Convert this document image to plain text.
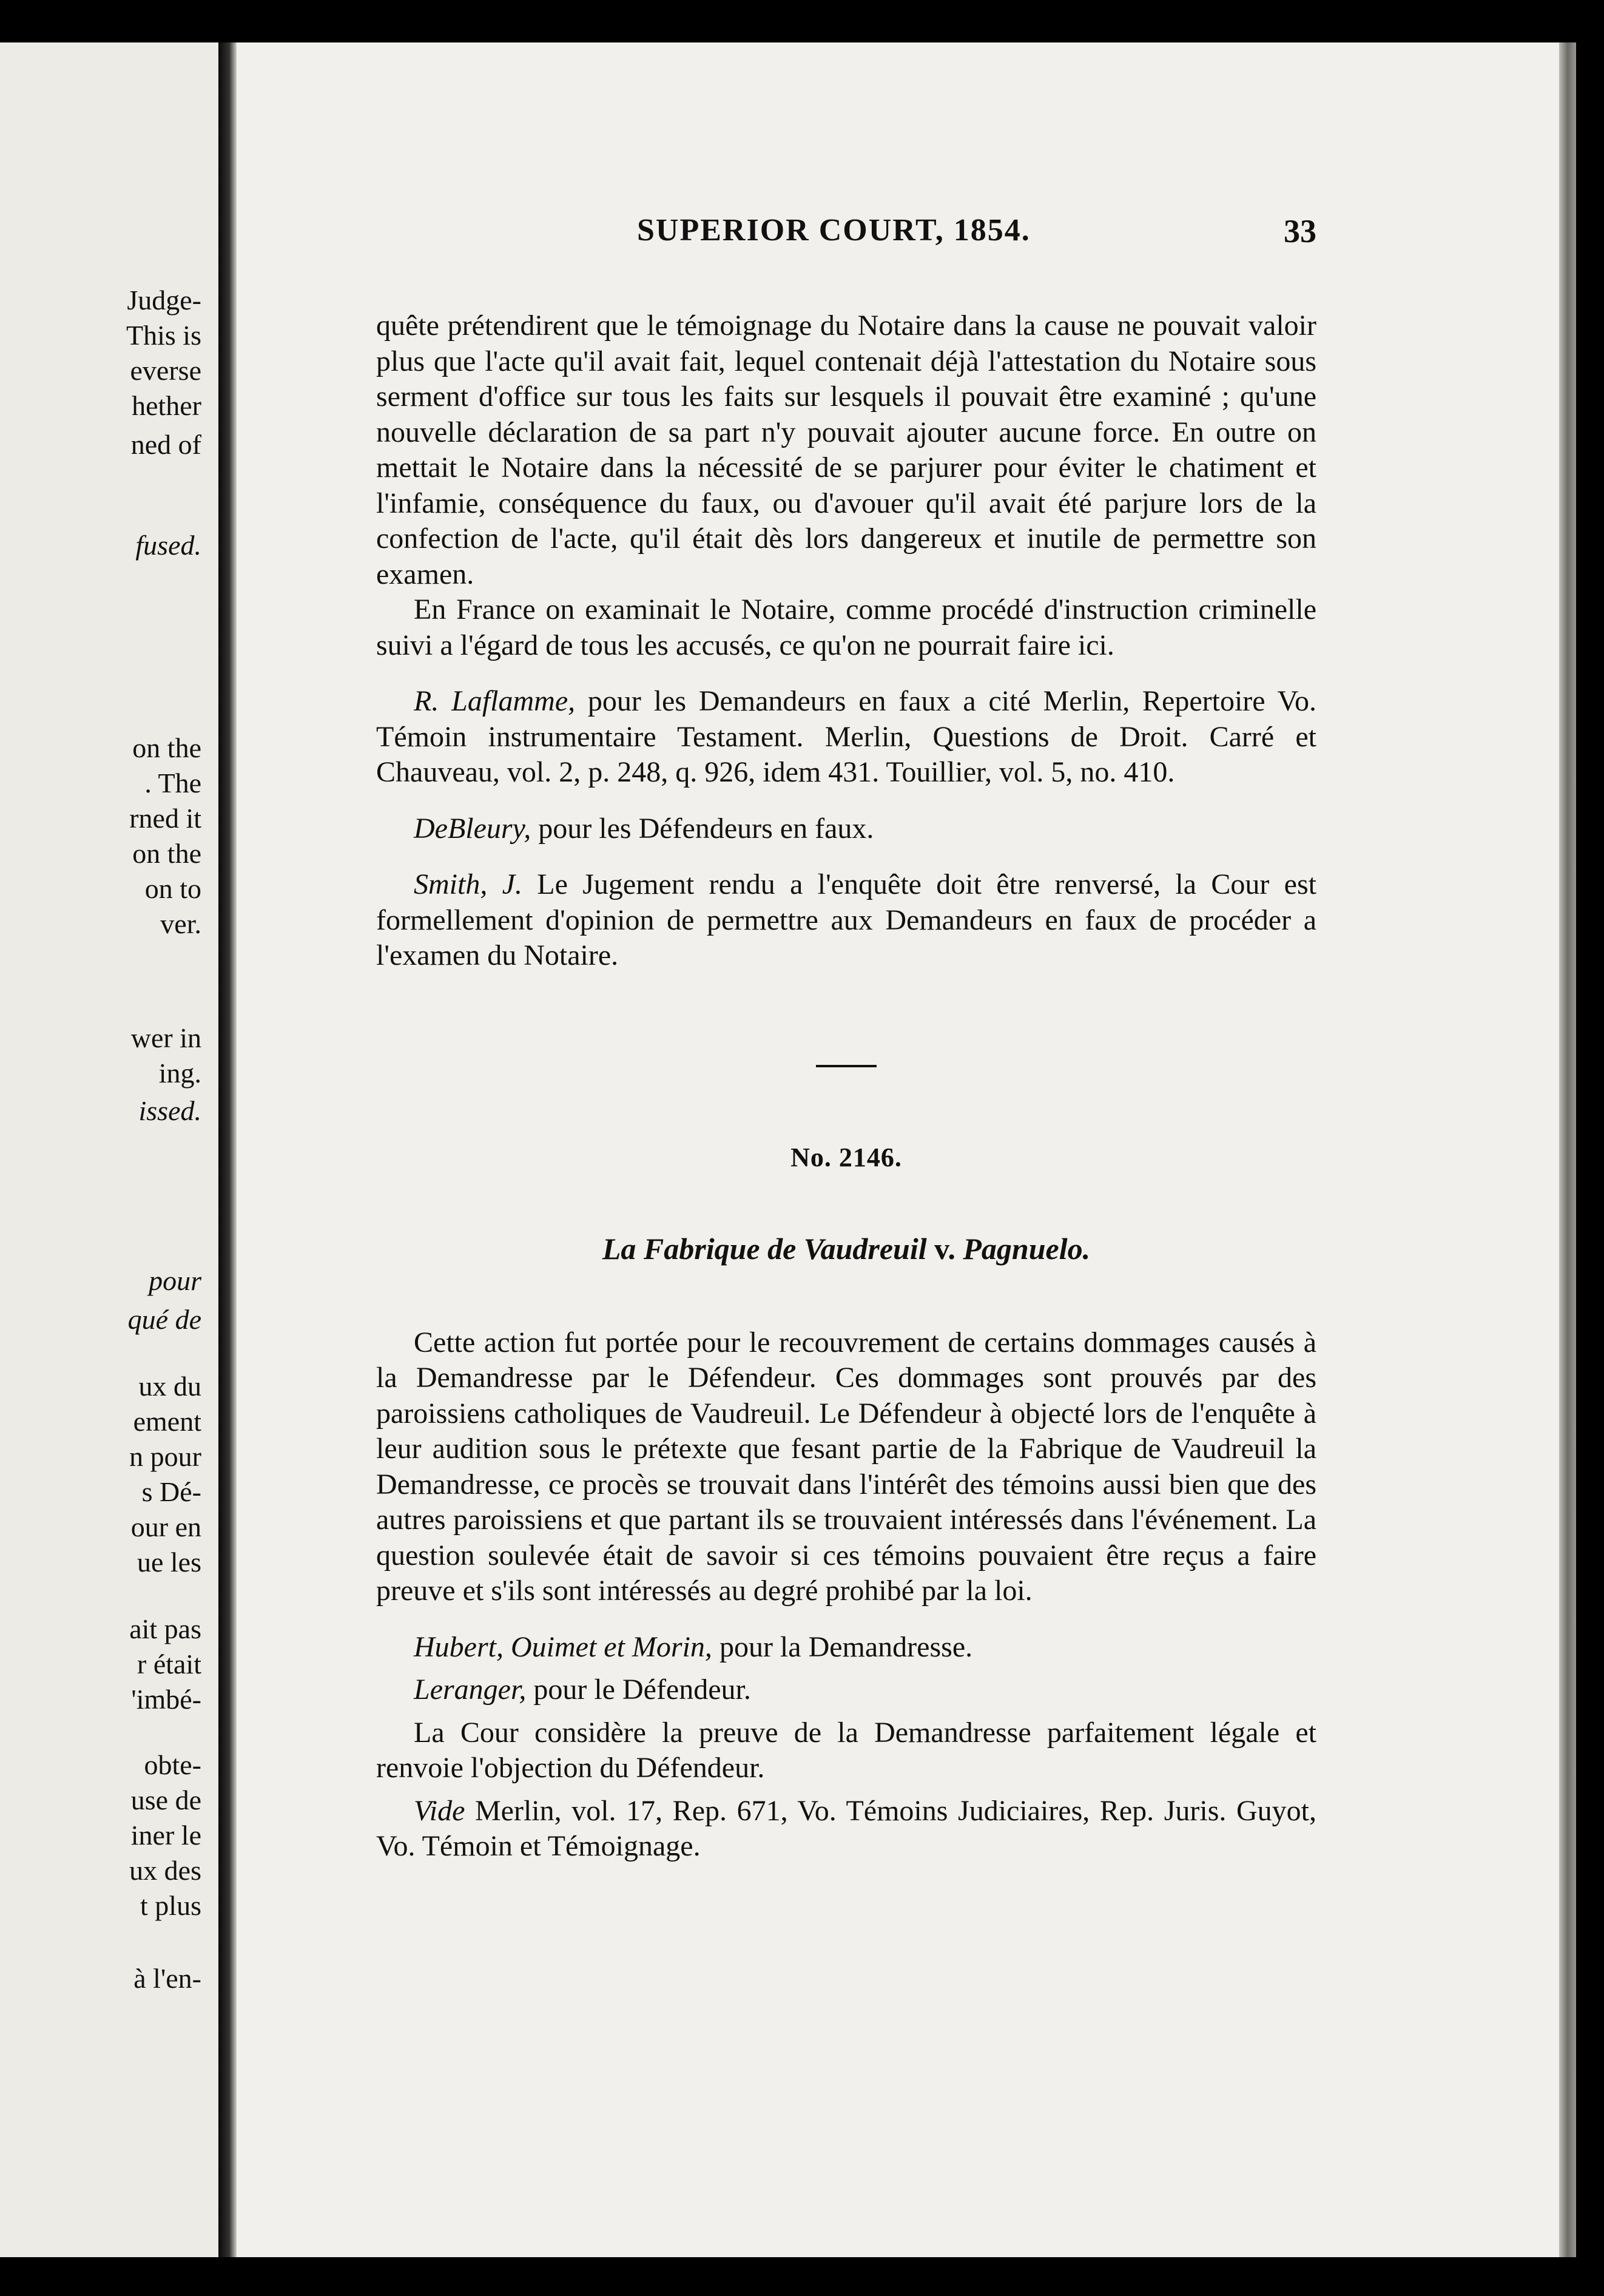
Judge-
This is
everse
hether
ned of
fused.
on the
. The
rned it
on the
on to
ver.
wer in
ing.
issed.
pour
qué de
ux du
ement
n pour
s Dé-
our en
ue les
ait pas
r était
'imbé-
obte-
use de
iner le
ux des
t plus
à l'en-
SUPERIOR COURT, 1854.	33

quête prétendirent que le témoignage du Notaire dans la cause ne pouvait valoir plus que l'acte qu'il avait fait, lequel contenait déjà l'attestation du Notaire sous serment d'office sur tous les faits sur lesquels il pouvait être examiné ; qu'une nouvelle déclaration de sa part n'y pouvait ajouter aucune force. En outre on mettait le Notaire dans la nécessité de se parjurer pour éviter le chatiment et l'infamie, conséquence du faux, ou d'avouer qu'il avait été parjure lors de la confection de l'acte, qu'il était dès lors dangereux et inutile de permettre son examen.

En France on examinait le Notaire, comme procédé d'instruction criminelle suivi a l'égard de tous les accusés, ce qu'on ne pourrait faire ici.

R. Laflamme, pour les Demandeurs en faux a cité Merlin, Repertoire Vo. Témoin instrumentaire Testament. Merlin, Questions de Droit. Carré et Chauveau, vol. 2, p. 248, q. 926, idem 431. Touillier, vol. 5, no. 410.

DeBleury, pour les Défendeurs en faux.

Smith, J. Le Jugement rendu a l'enquête doit être renversé, la Cour est formellement d'opinion de permettre aux Demandeurs en faux de procéder a l'examen du Notaire.

No. 2146.
La Fabrique de Vaudreuil v. Pagnuelo.

Cette action fut portée pour le recouvrement de certains dommages causés à la Demandresse par le Défendeur. Ces dommages sont prouvés par des paroissiens catholiques de Vaudreuil. Le Défendeur à objecté lors de l'enquête à leur audition sous le prétexte que fesant partie de la Fabrique de Vaudreuil la Demandresse, ce procès se trouvait dans l'intérêt des témoins aussi bien que des autres paroissiens et que partant ils se trouvaient intéressés dans l'événement. La question soulevée était de savoir si ces témoins pouvaient être reçus a faire preuve et s'ils sont intéressés au degré prohibé par la loi.

Hubert, Ouimet et Morin, pour la Demandresse.

Leranger, pour le Défendeur.

La Cour considère la preuve de la Demandresse parfaitement légale et renvoie l'objection du Défendeur.

Vide Merlin, vol. 17, Rep. 671, Vo. Témoins Judiciaires, Rep. Juris. Guyot, Vo. Témoin et Témoignage.
